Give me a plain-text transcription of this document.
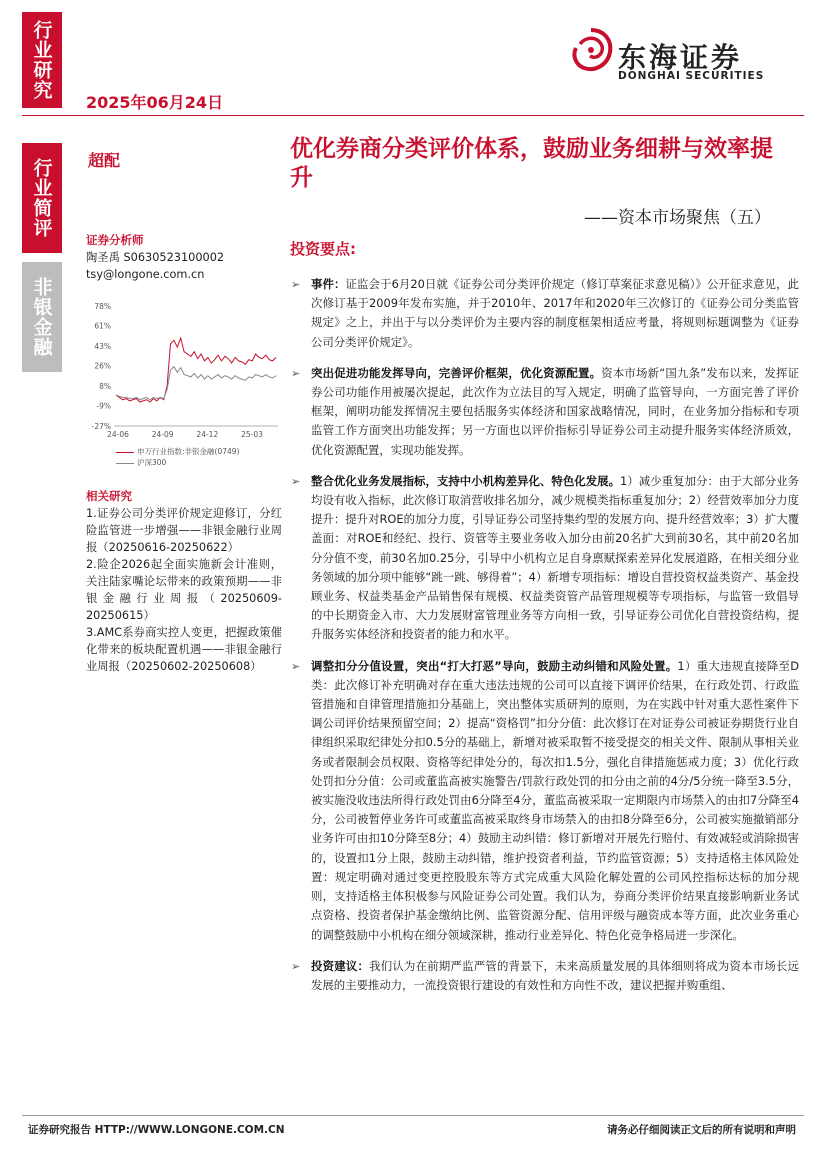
行业研究
行业简评
非银金融
2025年06月24日
东海证券
DONGHAI SECURITIES
超配	优化券商分类评价体系，鼓励业务细耕与效率提升
——资本市场聚焦（五）
证券分析师
陶圣禹 S0630523100002
tsy@longone.com.cn
78%
61%
43%
26%
8%
-9%
-27%
24-06	24-09	24-12	25-03
申万行业指数:非银金融(0749)
沪深300
相关研究
1.证券公司分类评价规定迎修订，分红险监管进一步增强——非银金融行业周报（20250616-20250622）
2.险企2026起全面实施新会计准则，关注陆家嘴论坛带来的政策预期——非银金融行业周报（20250609-20250615）
3.AMC系券商实控人变更，把握政策催化带来的板块配置机遇——非银金融行业周报（20250602-20250608）
投资要点:
➢ 事件：证监会于6月20日就《证券公司分类评价规定（修订草案征求意见稿）》公开征求意见，此次修订基于2009年发布实施，并于2010年、2017年和2020年三次修订的《证券公司分类监管规定》之上，并出于与以分类评价为主要内容的制度框架相适应考量，将规则标题调整为《证券公司分类评价规定》。
➢ 突出促进功能发挥导向，完善评价框架，优化资源配置。资本市场新“国九条”发布以来，发挥证券公司功能作用被屡次提起，此次作为立法目的写入规定，明确了监管导向，一方面完善了评价框架，阐明功能发挥情况主要包括服务实体经济和国家战略情况，同时，在业务加分指标和专项监管工作方面突出功能发挥；另一方面也以评价指标引导证券公司主动提升服务实体经济质效，优化资源配置，实现功能发挥。
➢ 整合优化业务发展指标，支持中小机构差异化、特色化发展。1）减少重复加分：由于大部分业务均设有收入指标，此次修订取消营收排名加分，减少规模类指标重复加分；2）经营效率加分力度提升：提升对ROE的加分力度，引导证券公司坚持集约型的发展方向、提升经营效率；3）扩大覆盖面：对ROE和经纪、投行、资管等主要业务收入加分由前20名扩大到前30名，其中前20名加分分值不变，前30名加0.25分，引导中小机构立足自身禀赋探索差异化发展道路，在相关细分业务领域的加分项中能够“跳一跳、够得着”；4）新增专项指标：增设自营投资权益类资产、基金投顾业务、权益类基金产品销售保有规模、权益类资管产品管理规模等专项指标，与监管一致倡导的中长期资金入市、大力发展财富管理业务等方向相一致，引导证券公司优化自营投资结构，提升服务实体经济和投资者的能力和水平。
➢ 调整扣分分值设置，突出“打大打恶”导向，鼓励主动纠错和风险处置。1）重大违规直接降至D类：此次修订补充明确对存在重大违法违规的公司可以直接下调评价结果，在行政处罚、行政监管措施和自律管理措施扣分基础上，突出整体实质研判的原则，为在实践中针对重大恶性案件下调公司评价结果预留空间；2）提高“资格罚”扣分分值：此次修订在对证券公司被证券期货行业自律组织采取纪律处分扣0.5分的基础上，新增对被采取暂不接受提交的相关文件、限制从事相关业务或者限制会员权限、资格等纪律处分的，每次扣1.5分，强化自律措施惩戒力度；3）优化行政处罚扣分分值：公司或董监高被实施警告/罚款行政处罚的扣分由之前的4分/5分统一降至3.5分，被实施没收违法所得行政处罚由6分降至4分，董监高被采取一定期限内市场禁入的由扣7分降至4分，公司被暂停业务许可或董监高被采取终身市场禁入的由扣8分降至6分，公司被实施撤销部分业务许可由扣10分降至8分；4）鼓励主动纠错：修订新增对开展先行赔付、有效减轻或消除损害的，设置扣1分上限，鼓励主动纠错，维护投资者利益，节约监管资源；5）支持适格主体风险处置：规定明确对通过变更控股股东等方式完成重大风险化解处置的公司风控指标达标的加分规则，支持适格主体积极参与风险证券公司处置。我们认为，券商分类评价结果直接影响新业务试点资格、投资者保护基金缴纳比例、监管资源分配、信用评级与融资成本等方面，此次业务重心的调整鼓励中小机构在细分领域深耕，推动行业差异化、特色化竞争格局进一步深化。
➢ 投资建议：我们认为在前期严监严管的背景下，未来高质量发展的具体细则将成为资本市场长远发展的主要推动力，一流投资银行建设的有效性和方向性不改，建议把握并购重组、
证券研究报告 HTTP://WWW.LONGONE.COM.CN	请务必仔细阅读正文后的所有说明和声明
